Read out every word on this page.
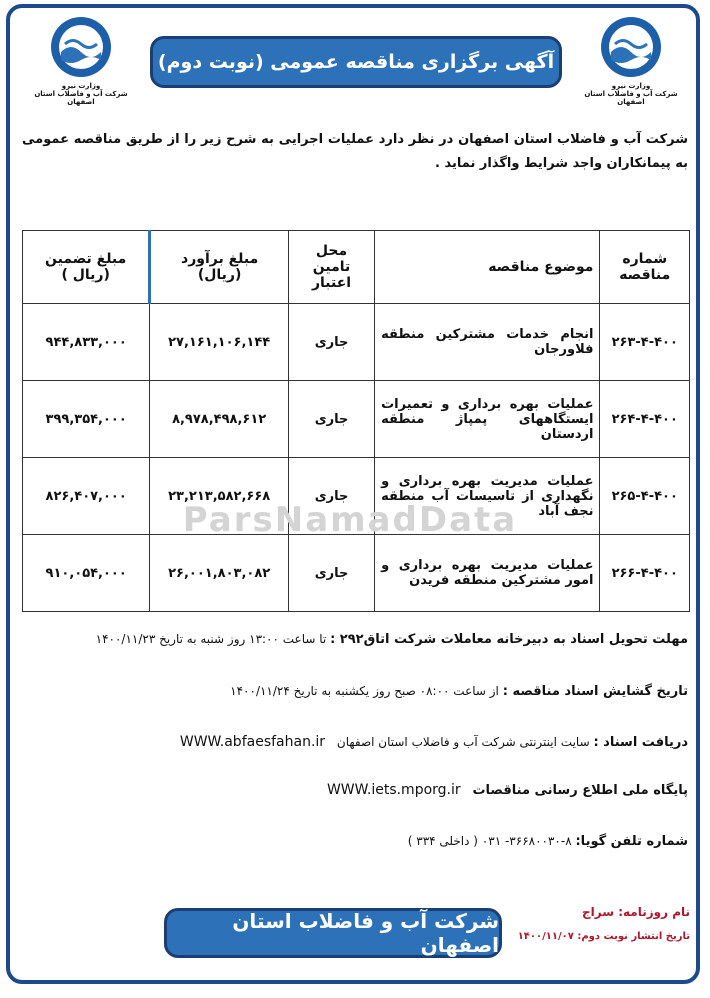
وزارت نیرو
شرکت آب و فاضلاب استان اصفهان
وزارت نیرو
شرکت آب و فاضلاب استان اصفهان
آگهی برگزاری مناقصه عمومی (نوبت دوم)
شرکت آب و فاضلاب استان اصفهان در نظر دارد عملیات اجرایی به شرح زیر را از طریق مناقصه عمومی به پیمانکاران واجد شرایط واگذار نماید .
شماره مناقصه	موضوع مناقصه	محل تامین اعتبار	مبلغ برآورد (ریال)	مبلغ تضمین (ریال )
۲۶۳-۴-۴۰۰	انجام خدمات مشترکین منطقه فلاورجان	جاری	۲۷,۱۶۱,۱۰۶,۱۴۴	۹۴۴,۸۳۳,۰۰۰
۲۶۴-۴-۴۰۰	عملیات بهره برداری و تعمیرات ایستگاههای پمپاژ منطقه اردستان	جاری	۸,۹۷۸,۴۹۸,۶۱۲	۳۹۹,۳۵۴,۰۰۰
۲۶۵-۴-۴۰۰	عملیات مدیریت بهره برداری و نگهداری از تاسیسات آب منطقه نجف آباد	جاری	۲۳,۲۱۳,۵۸۲,۶۶۸	۸۲۶,۴۰۷,۰۰۰
۲۶۶-۴-۴۰۰	عملیات مدیریت بهره برداری و امور مشترکین منطقه فریدن	جاری	۲۶,۰۰۱,۸۰۳,۰۸۲	۹۱۰,۰۵۴,۰۰۰
ParsNamadData
مهلت تحویل اسناد به دبیرخانه معاملات شرکت اتاق۲۹۲ : تا ساعت ۱۳:۰۰ روز شنبه به تاریخ ۱۴۰۰/۱۱/۲۳
تاریخ گشایش اسناد مناقصه : از ساعت ۰۸:۰۰ صبح روز یکشنبه به تاریخ ۱۴۰۰/۱۱/۲۴
دریافت اسناد : سایت اینترنتی شرکت آب و فاضلاب استان اصفهان WWW.abfaesfahan.ir
پایگاه ملی اطلاع رسانی مناقصات WWW.iets.mporg.ir
شماره تلفن گویا: ۸-۳۶۶۸۰۰۳۰- ۰۳۱ ( داخلی ۳۳۴ )
نام روزنامه: سراج
تاریخ انتشار نوبت دوم: ۱۴۰۰/۱۱/۰۷
شرکت آب و فاضلاب استان اصفهان
